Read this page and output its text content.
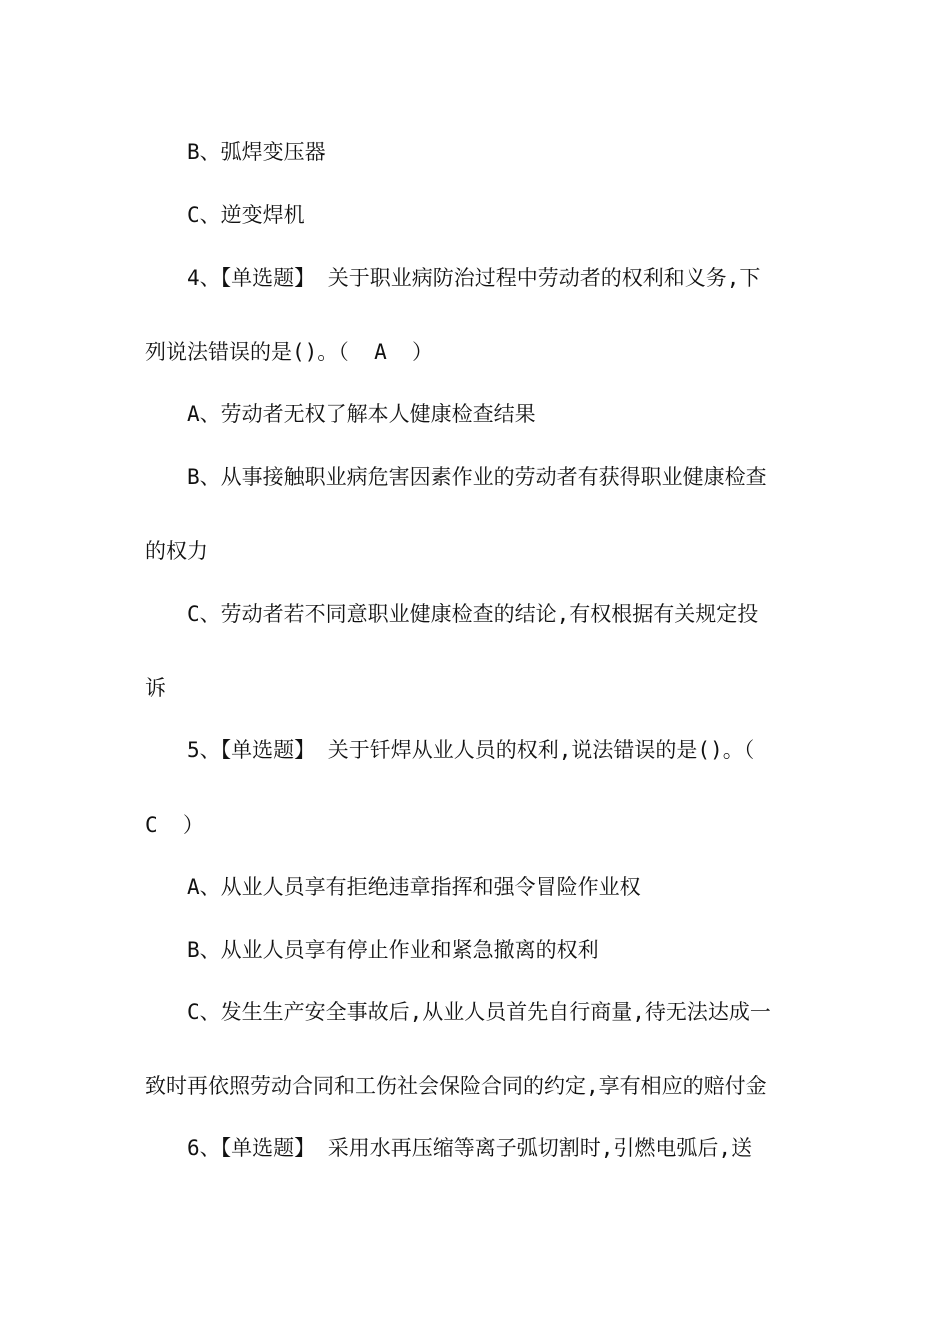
B、弧焊变压器
C、逆变焊机
4、【单选题】 关于职业病防治过程中劳动者的权利和义务,下
列说法错误的是()。（  A  ）
A、劳动者无权了解本人健康检查结果
B、从事接触职业病危害因素作业的劳动者有获得职业健康检查
的权力
C、劳动者若不同意职业健康检查的结论,有权根据有关规定投
诉
5、【单选题】 关于钎焊从业人员的权利,说法错误的是()。（
C  ）
A、从业人员享有拒绝违章指挥和强令冒险作业权
B、从业人员享有停止作业和紧急撤离的权利
C、发生生产安全事故后,从业人员首先自行商量,待无法达成一
致时再依照劳动合同和工伤社会保险合同的约定,享有相应的赔付金
6、【单选题】 采用水再压缩等离子弧切割时,引燃电弧后,送
